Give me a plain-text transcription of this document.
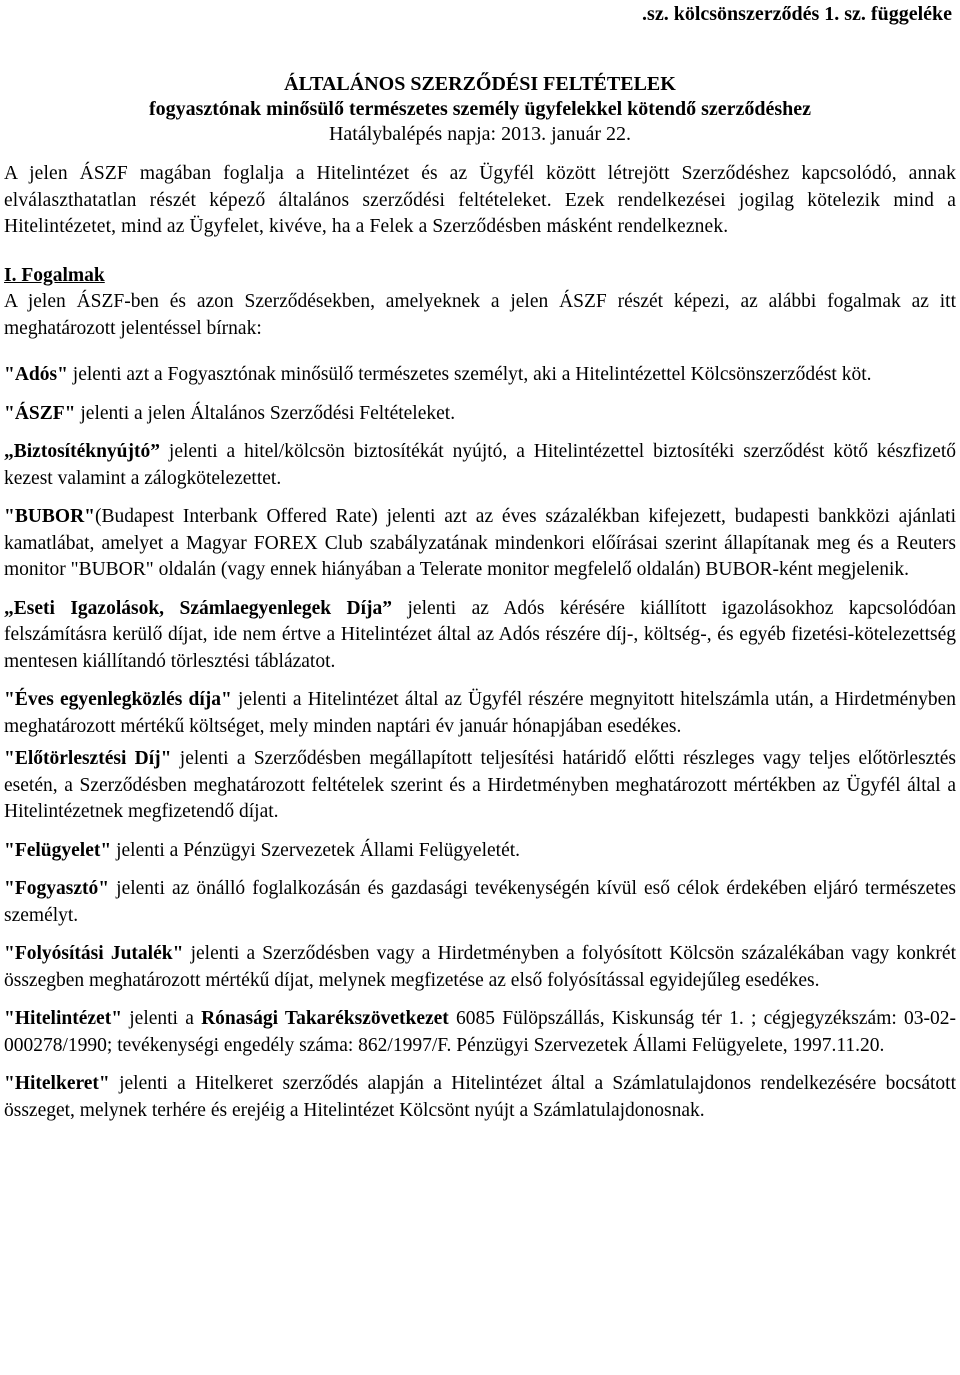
.sz. kölcsönszerződés 1. sz. függeléke
ÁLTALÁNOS SZERZŐDÉSI FELTÉTELEK
fogyasztónak minősülő természetes személy ügyfelekkel kötendő szerződéshez
Hatálybalépés napja: 2013. január 22.

A jelen ÁSZF magában foglalja a Hitelintézet és az Ügyfél között létrejött Szerződéshez kapcsolódó, annak elválaszthatatlan részét képező általános szerződési feltételeket. Ezek rendelkezései jogilag kötelezik mind a Hitelintézetet, mind az Ügyfelet, kivéve, ha a Felek a Szerződésben másként rendelkeznek.

I. Fogalmak

A jelen ÁSZF-ben és azon Szerződésekben, amelyeknek a jelen ÁSZF részét képezi, az alábbi fogalmak az itt meghatározott jelentéssel bírnak:

"Adós" jelenti azt a Fogyasztónak minősülő természetes személyt, aki a Hitelintézettel Kölcsönszerződést köt.

"ÁSZF" jelenti a jelen Általános Szerződési Feltételeket.

„Biztosítéknyújtó” jelenti a hitel/kölcsön biztosítékát nyújtó, a Hitelintézettel biztosítéki szerződést kötő készfizető kezest valamint a zálogkötelezettet.

"BUBOR"(Budapest Interbank Offered Rate) jelenti azt az éves százalékban kifejezett, budapesti bankközi ajánlati kamatlábat, amelyet a Magyar FOREX Club szabályzatának mindenkori előírásai szerint állapítanak meg és a Reuters monitor "BUBOR" oldalán (vagy ennek hiányában a Telerate monitor megfelelő oldalán) BUBOR-ként megjelenik.

„Eseti Igazolások, Számlaegyenlegek Díja” jelenti az Adós kérésére kiállított igazolásokhoz kapcsolódóan felszámításra kerülő díjat, ide nem értve a Hitelintézet által az Adós részére díj-, költség-, és egyéb fizetési-kötelezettség mentesen kiállítandó törlesztési táblázatot.

"Éves egyenlegközlés díja" jelenti a Hitelintézet által az Ügyfél részére megnyitott hitelszámla után, a Hirdetményben meghatározott mértékű költséget, mely minden naptári év január hónapjában esedékes.

"Előtörlesztési Díj" jelenti a Szerződésben megállapított teljesítési határidő előtti részleges vagy teljes előtörlesztés esetén, a Szerződésben meghatározott feltételek szerint és a Hirdetményben meghatározott mértékben az Ügyfél által a Hitelintézetnek megfizetendő díjat.

"Felügyelet" jelenti a Pénzügyi Szervezetek Állami Felügyeletét.

"Fogyasztó" jelenti az önálló foglalkozásán és gazdasági tevékenységén kívül eső célok érdekében eljáró természetes személyt.

"Folyósítási Jutalék" jelenti a Szerződésben vagy a Hirdetményben a folyósított Kölcsön százalékában vagy konkrét összegben meghatározott mértékű díjat, melynek megfizetése az első folyósítással egyidejűleg esedékes.

"Hitelintézet" jelenti a Rónasági Takarékszövetkezet 6085 Fülöpszállás, Kiskunság tér 1. ; cégjegyzékszám: 03-02-000278/1990; tevékenységi engedély száma: 862/1997/F. Pénzügyi Szervezetek Állami Felügyelete, 1997.11.20.

"Hitelkeret" jelenti a Hitelkeret szerződés alapján a Hitelintézet által a Számlatulajdonos rendelkezésére bocsátott összeget, melynek terhére és erejéig a Hitelintézet Kölcsönt nyújt a Számlatulajdonosnak.
